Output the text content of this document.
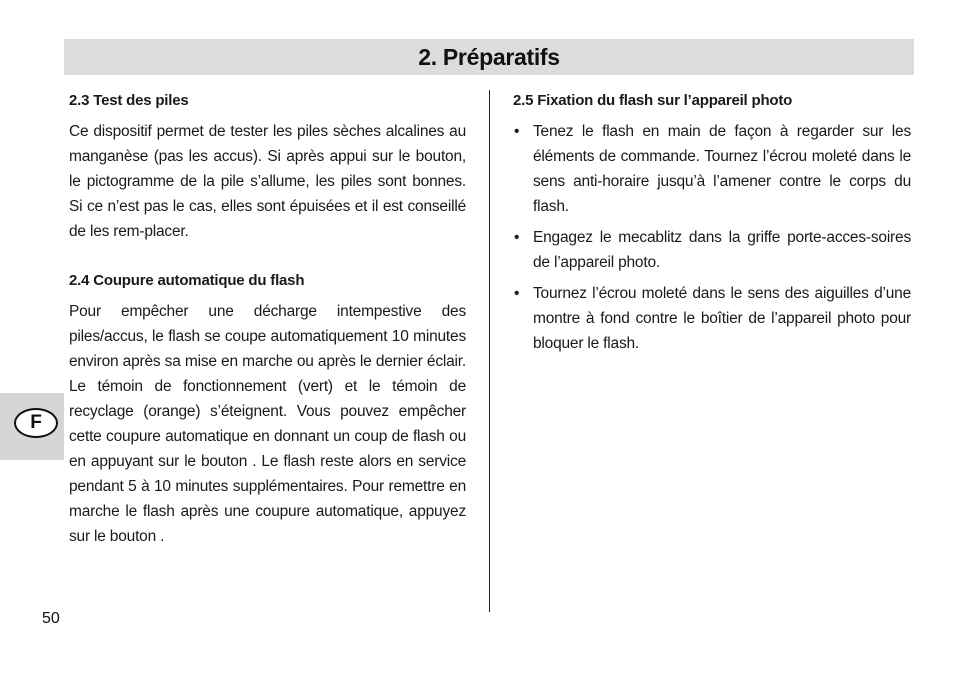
2. Préparatifs

2.3 Test des piles

Ce dispositif permet de tester les piles sèches alcalines au manganèse (pas les accus). Si après appui sur le bouton, le pictogramme de la pile s’allume, les piles sont bonnes. Si ce n’est pas le cas, elles sont épuisées et il est conseillé de les rem-placer.

2.4 Coupure automatique du flash

Pour empêcher une décharge intempestive des piles/accus, le flash se coupe automatiquement 10 minutes environ après sa mise en marche ou après le dernier éclair. Le témoin de fonctionnement (vert) et le témoin de recyclage (orange) s’éteignent. Vous pouvez empêcher cette coupure automatique en donnant un coup de flash ou en appuyant sur le bouton . Le flash reste alors en service pendant 5 à 10 minutes supplémentaires. Pour remettre en marche le flash après une coupure automatique, appuyez sur le bouton .

2.5 Fixation du flash sur l’appareil photo

• Tenez le flash en main de façon à regarder sur les éléments de commande. Tournez l’écrou moleté dans le sens anti-horaire jusqu’à l’amener contre le corps du flash.

• Engagez le mecablitz dans la griffe porte-acces-soires de l’appareil photo.

• Tournez l’écrou moleté dans le sens des aiguilles d’une montre à fond contre le boîtier de l’appareil photo pour bloquer le flash.

F
50
